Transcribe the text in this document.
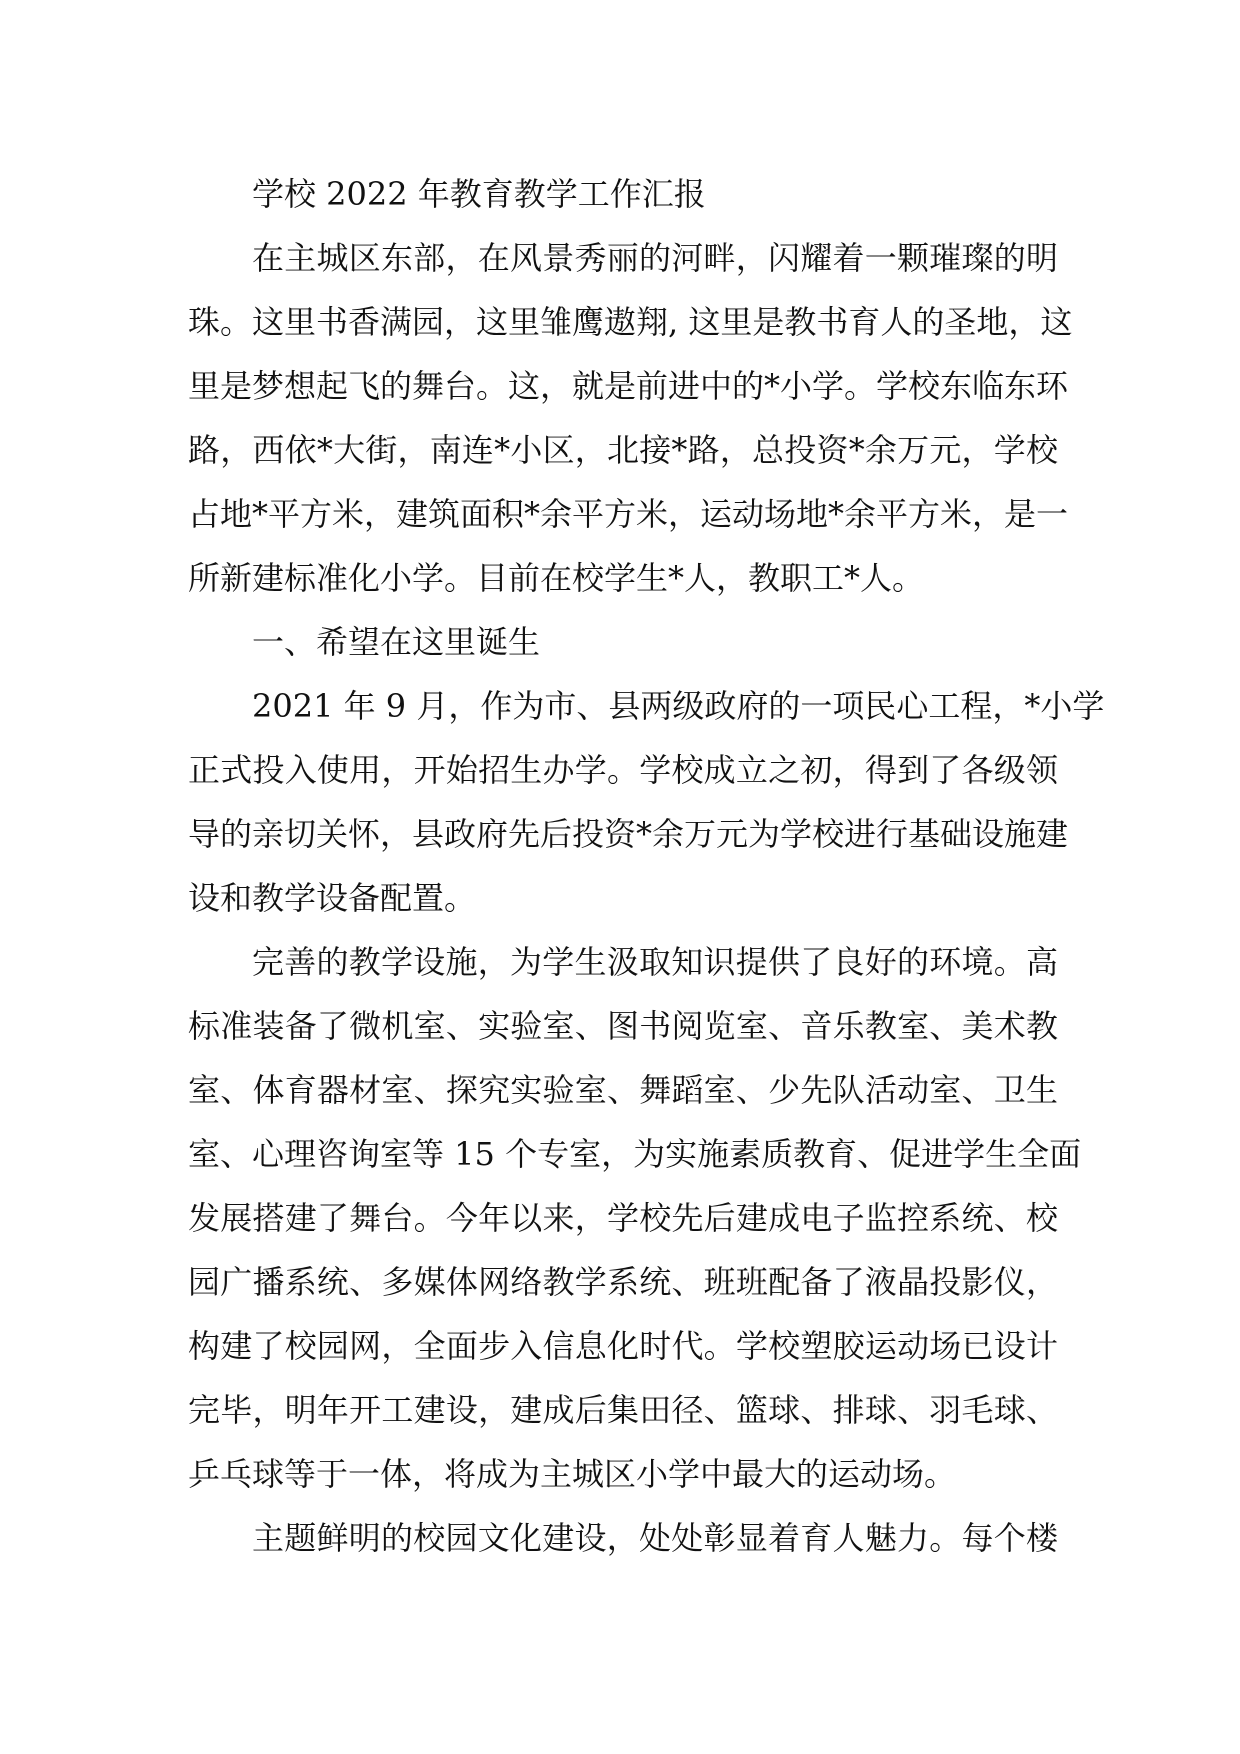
学校 2022 年教育教学工作汇报
在主城区东部，在风景秀丽的河畔，闪耀着一颗璀璨的明
珠。这里书香满园，这里雏鹰遨翔, 这里是教书育人的圣地，这
里是梦想起飞的舞台。这，就是前进中的*小学。学校东临东环
路，西依*大街，南连*小区，北接*路，总投资*余万元，学校
占地*平方米，建筑面积*余平方米，运动场地*余平方米，是一
所新建标准化小学。目前在校学生*人，教职工*人。
一、希望在这里诞生
2021 年 9 月，作为市、县两级政府的一项民心工程，*小学
正式投入使用，开始招生办学。学校成立之初，得到了各级领
导的亲切关怀，县政府先后投资*余万元为学校进行基础设施建
设和教学设备配置。
完善的教学设施，为学生汲取知识提供了良好的环境。高
标准装备了微机室、实验室、图书阅览室、音乐教室、美术教
室、体育器材室、探究实验室、舞蹈室、少先队活动室、卫生
室、心理咨询室等 15 个专室，为实施素质教育、促进学生全面
发展搭建了舞台。今年以来，学校先后建成电子监控系统、校
园广播系统、多媒体网络教学系统、班班配备了液晶投影仪，
构建了校园网，全面步入信息化时代。学校塑胶运动场已设计
完毕，明年开工建设，建成后集田径、篮球、排球、羽毛球、
乒乓球等于一体，将成为主城区小学中最大的运动场。
主题鲜明的校园文化建设，处处彰显着育人魅力。每个楼
